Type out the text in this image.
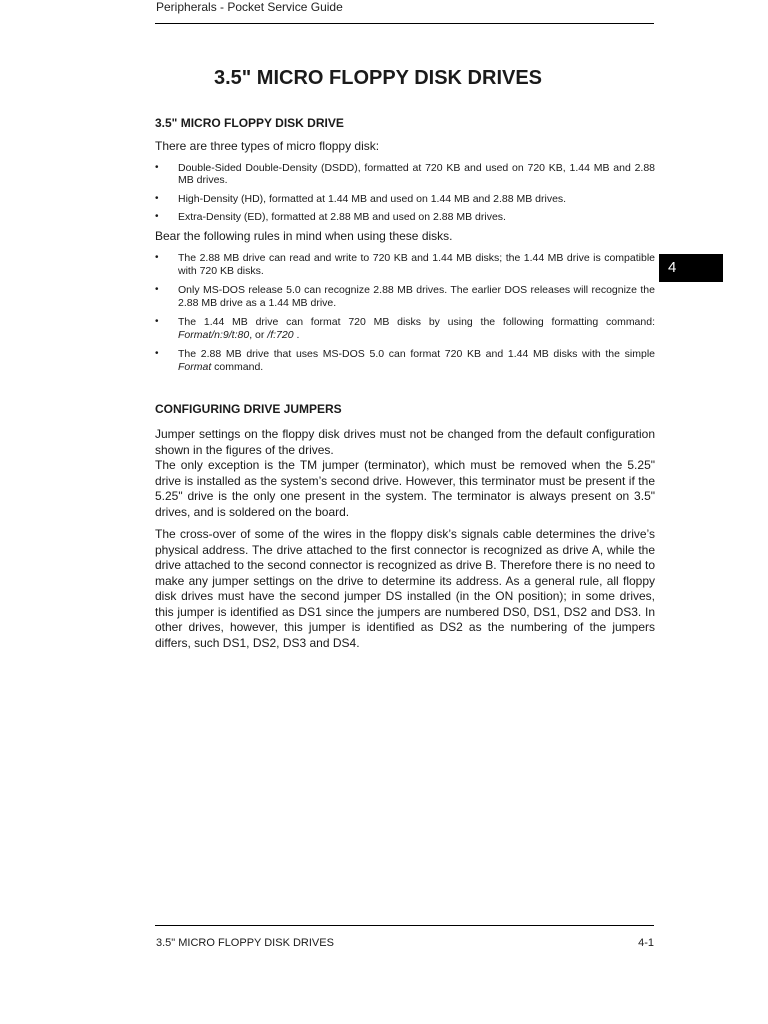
Peripherals - Pocket Service Guide
3.5" MICRO FLOPPY DISK DRIVES
4
3.5" MICRO FLOPPY DISK DRIVE

There are three types of micro floppy disk:

• Double-Sided Double-Density (DSDD), formatted at 720 KB and used on 720 KB, 1.44 MB and 2.88 MB drives.
• High-Density (HD), formatted at 1.44 MB and used on 1.44 MB and 2.88 MB drives.
• Extra-Density (ED), formatted at 2.88 MB and used on 2.88 MB drives.

Bear the following rules in mind when using these disks.

• The 2.88 MB drive can read and write to 720 KB and 1.44 MB disks; the 1.44 MB drive is compatible with 720 KB disks.
• Only MS-DOS release 5.0 can recognize 2.88 MB drives. The earlier DOS releases will recognize the 2.88 MB drive as a 1.44 MB drive.
• The 1.44 MB drive can format 720 MB disks by using the following formatting command: Format/n:9/t:80, or /f:720 .
• The 2.88 MB drive that uses MS-DOS 5.0 can format 720 KB and 1.44 MB disks with the simple Format command.
CONFIGURING DRIVE JUMPERS

Jumper settings on the floppy disk drives must not be changed from the default configuration shown in the figures of the drives.

The only exception is the TM jumper (terminator), which must be removed when the 5.25" drive is installed as the system’s second drive. However, this terminator must be present if the 5.25" drive is the only one present in the system. The terminator is always present on 3.5" drives, and is soldered on the board.

The cross-over of some of the wires in the floppy disk’s signals cable determines the drive’s physical address. The drive attached to the first connector is recognized as drive A, while the drive attached to the second connector is recognized as drive B. Therefore there is no need to make any jumper settings on the drive to determine its address. As a general rule, all floppy disk drives must have the second jumper DS installed (in the ON position); in some drives, this jumper is identified as DS1 since the jumpers are numbered DS0, DS1, DS2 and DS3. In other drives, however, this jumper is identified as DS2 as the numbering of the jumpers differs, such DS1, DS2, DS3 and DS4.

3.5" MICRO FLOPPY DISK DRIVES	4-1
